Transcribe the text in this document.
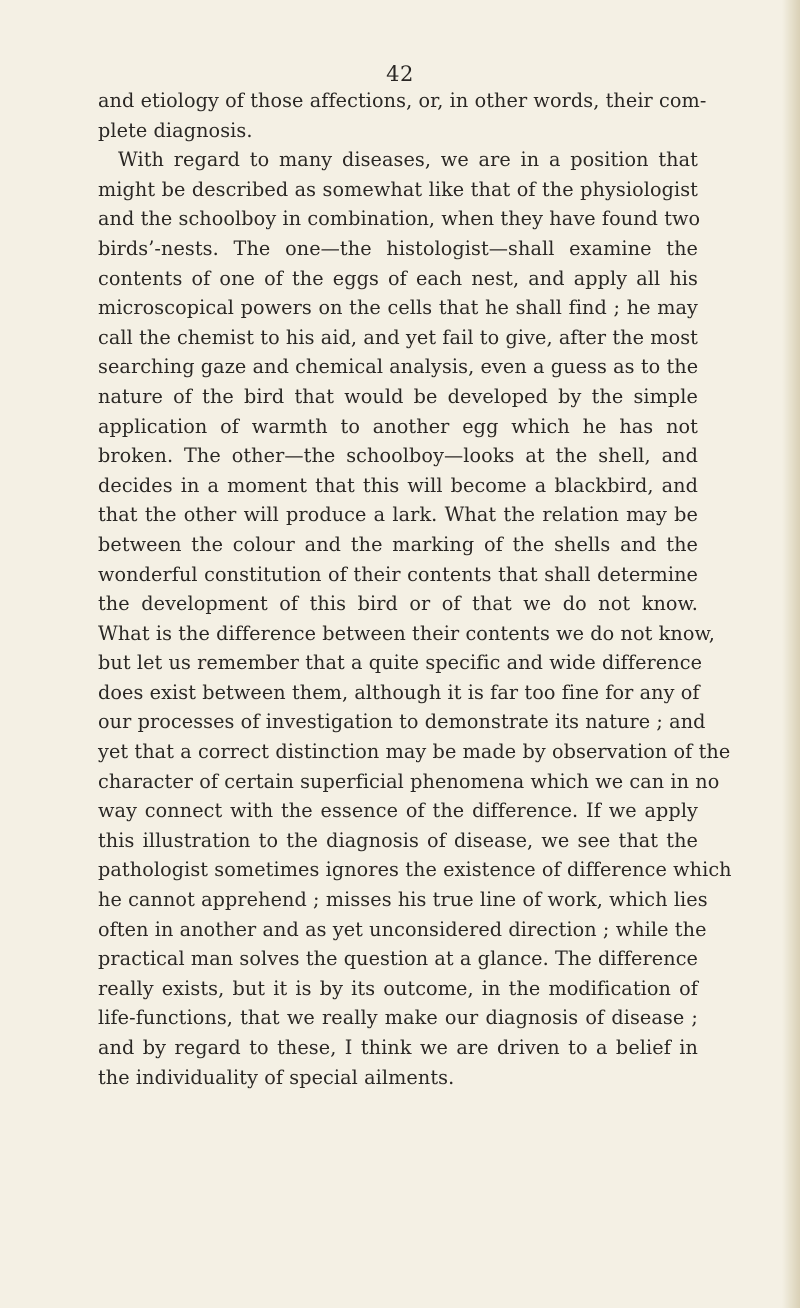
42
and etiology of those affections, or, in other words, their com-
plete diagnosis.
With regard to many diseases, we are in a position that
might be described as somewhat like that of the physiologist
and the schoolboy in combination, when they have found two
birds’-nests. The one—the histologist—shall examine the
contents of one of the eggs of each nest, and apply all his
microscopical powers on the cells that he shall find ; he may
call the chemist to his aid, and yet fail to give, after the most
searching gaze and chemical analysis, even a guess as to the
nature of the bird that would be developed by the simple
application of warmth to another egg which he has not
broken. The other—the schoolboy—looks at the shell, and
decides in a moment that this will become a blackbird, and
that the other will produce a lark. What the relation may be
between the colour and the marking of the shells and the
wonderful constitution of their contents that shall determine
the development of this bird or of that we do not know.
What is the difference between their contents we do not know,
but let us remember that a quite specific and wide difference
does exist between them, although it is far too fine for any of
our processes of investigation to demonstrate its nature ; and
yet that a correct distinction may be made by observation of the
character of certain superficial phenomena which we can in no
way connect with the essence of the difference. If we apply
this illustration to the diagnosis of disease, we see that the
pathologist sometimes ignores the existence of difference which
he cannot apprehend ; misses his true line of work, which lies
often in another and as yet unconsidered direction ; while the
practical man solves the question at a glance. The difference
really exists, but it is by its outcome, in the modification of
life-functions, that we really make our diagnosis of disease ;
and by regard to these, I think we are driven to a belief in
the individuality of special ailments.
